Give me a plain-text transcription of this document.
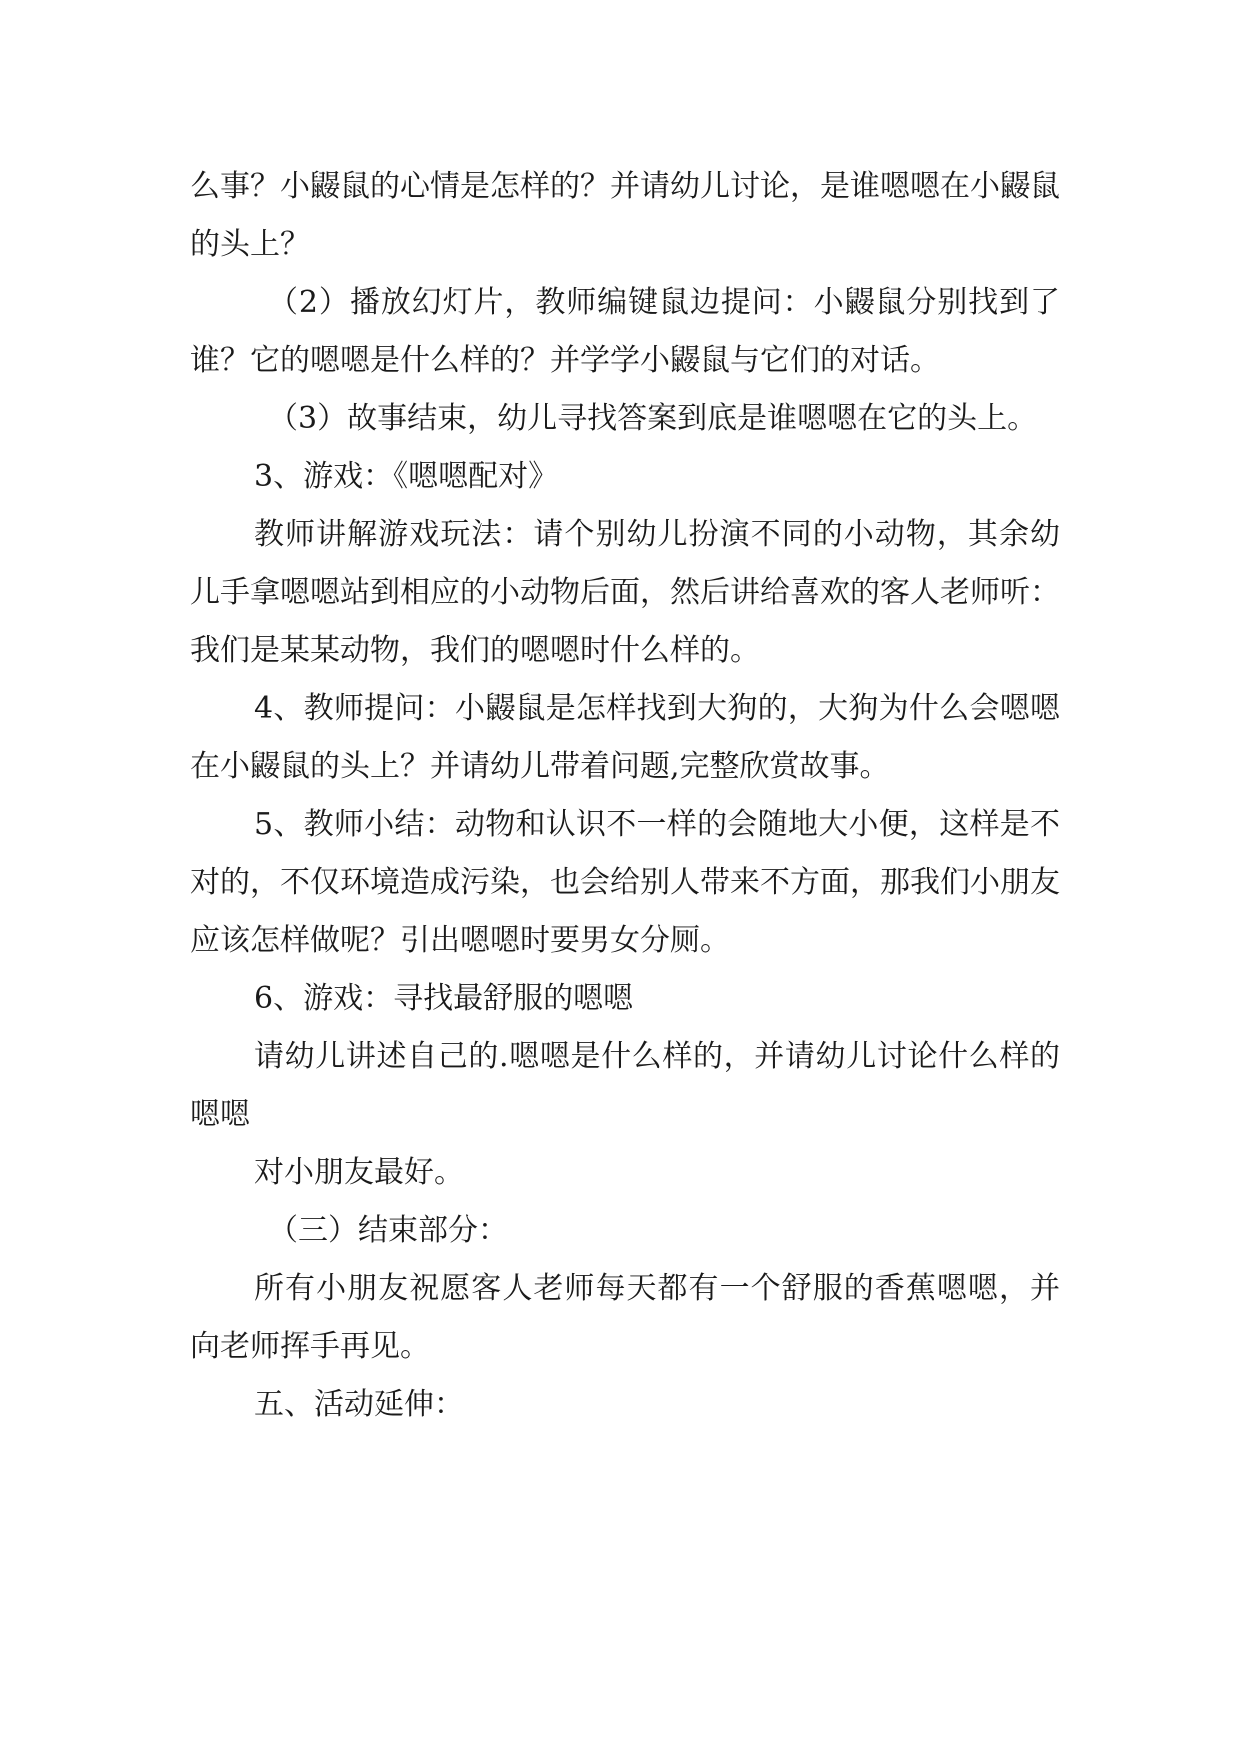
么事？小鼹鼠的心情是怎样的？并请幼儿讨论，是谁嗯嗯在小鼹鼠的头上？

（2）播放幻灯片，教师编键鼠边提问：小鼹鼠分别找到了谁？它的嗯嗯是什么样的？并学学小鼹鼠与它们的对话。

（3）故事结束，幼儿寻找答案到底是谁嗯嗯在它的头上。

3、游戏：《嗯嗯配对》

教师讲解游戏玩法：请个别幼儿扮演不同的小动物，其余幼儿手拿嗯嗯站到相应的小动物后面，然后讲给喜欢的客人老师听：我们是某某动物，我们的嗯嗯时什么样的。

4、教师提问：小鼹鼠是怎样找到大狗的，大狗为什么会嗯嗯在小鼹鼠的头上？并请幼儿带着问题,完整欣赏故事。

5、教师小结：动物和认识不一样的会随地大小便，这样是不对的，不仅环境造成污染，也会给别人带来不方面，那我们小朋友应该怎样做呢？引出嗯嗯时要男女分厕。

6、游戏：寻找最舒服的嗯嗯

请幼儿讲述自己的.嗯嗯是什么样的，并请幼儿讨论什么样的嗯嗯

对小朋友最好。

（三）结束部分：

所有小朋友祝愿客人老师每天都有一个舒服的香蕉嗯嗯，并向老师挥手再见。

五、活动延伸：
